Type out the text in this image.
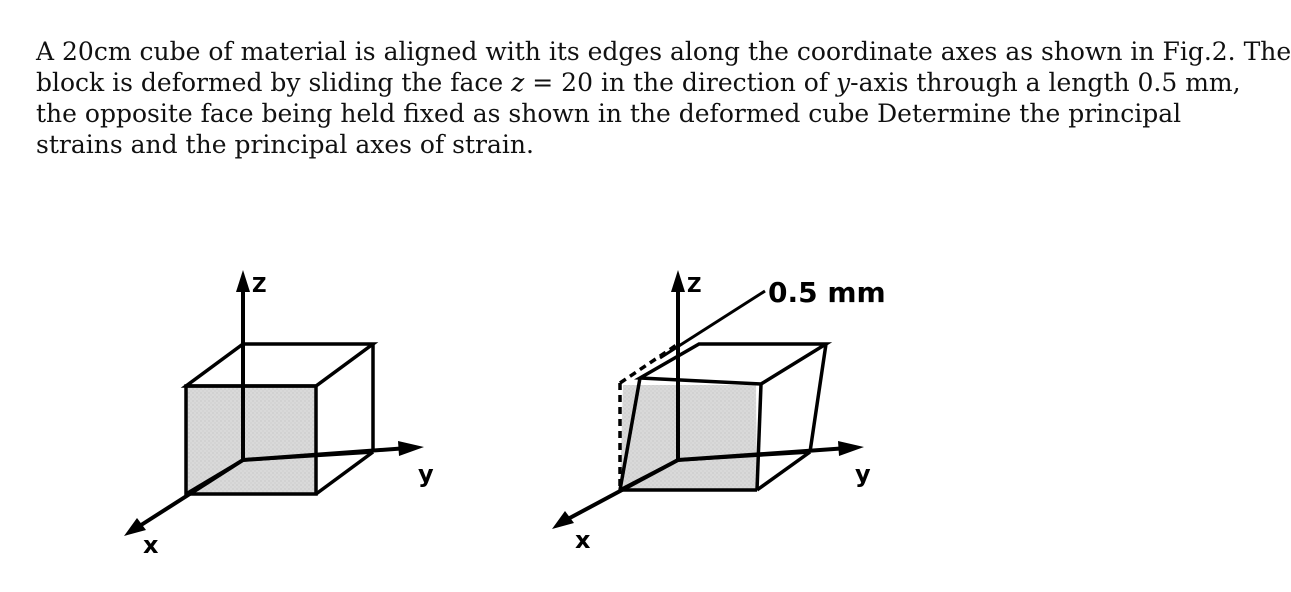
A 20cm cube of material is aligned with its edges along the coordinate axes as shown in Fig.2. The
block is deformed by sliding the face z = 20 in the direction of y-axis through a length 0.5 mm,
the opposite face being held fixed as shown in the deformed cube Determine the principal
strains and the principal axes of strain.
Z
y
x
Z 0.5 mm
y
x
